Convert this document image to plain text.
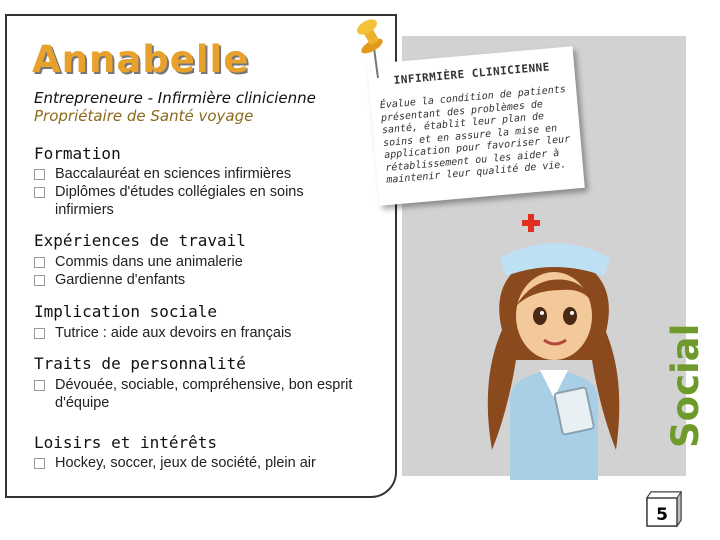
Annabelle
Entrepreneure - Infirmière clinicienne
Propriétaire de Santé voyage
Formation
Baccalauréat en sciences infirmières
Diplômes d'études collégiales en soins infirmiers
Expériences de travail
Commis dans une animalerie
Gardienne d'enfants
Implication sociale
Tutrice : aide aux devoirs en français
Traits de personnalité
Dévouée, sociable, compréhensive, bon esprit d'équipe
Loisirs et intérêts
Hockey, soccer, jeux de société, plein air
INFIRMIÈRE CLINICIENNE
Évalue la condition de patients présentant des problèmes de santé, établit leur plan de soins et en assure la mise en application pour favoriser leur rétablissement ou les aider à maintenir leur qualité de vie.
Social
5
